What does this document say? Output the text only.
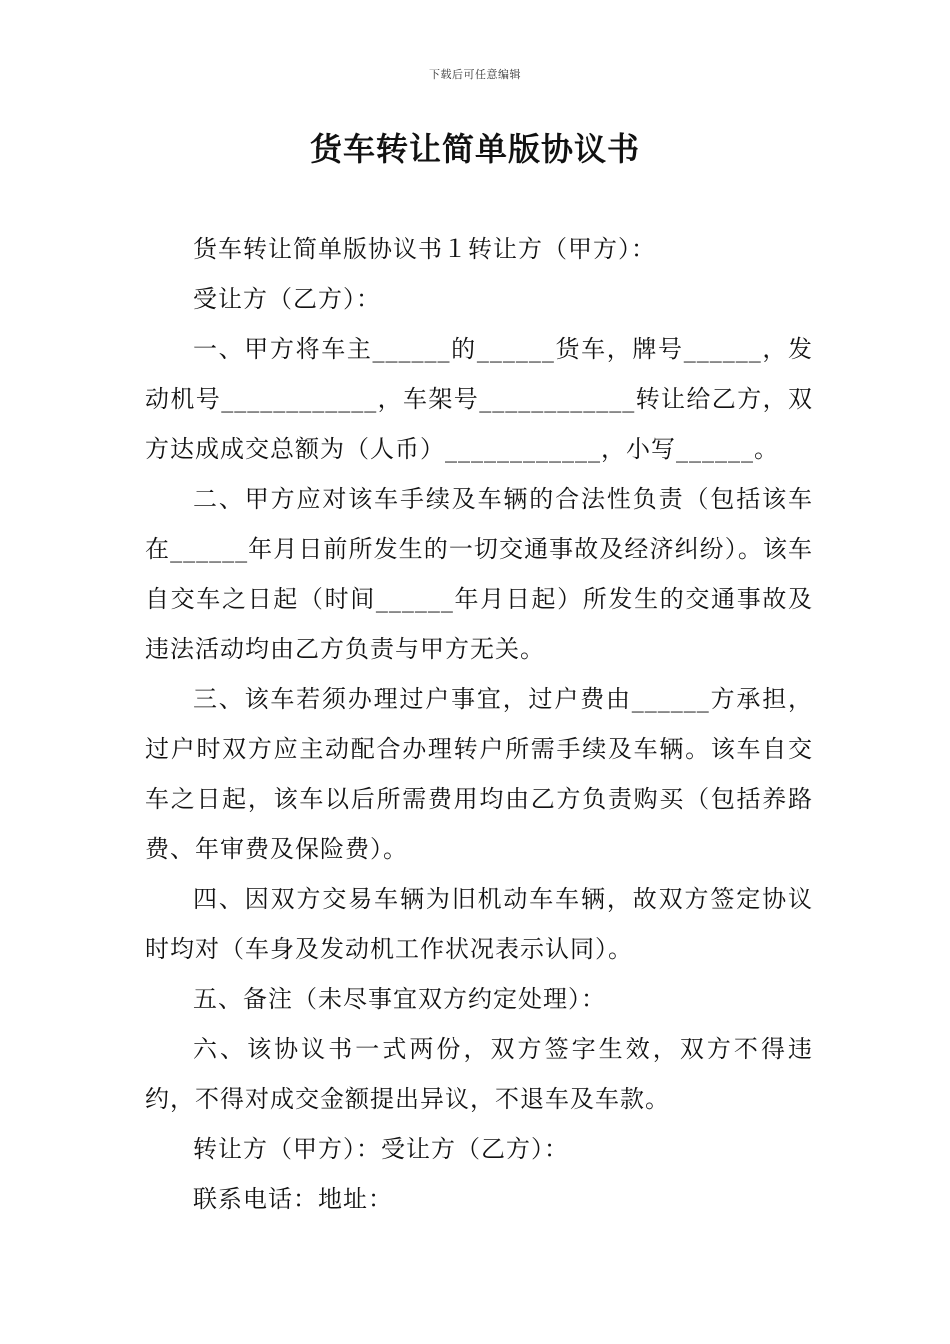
下载后可任意编辑
货车转让简单版协议书

货车转让简单版协议书１转让方（甲方）：

受让方（乙方）：

一、甲方将车主______的______货车，牌号______，发动机号____________，车架号____________转让给乙方，双方达成成交总额为（人币）____________，小写______。

二、甲方应对该车手续及车辆的合法性负责（包括该车在______年月日前所发生的一切交通事故及经济纠纷）。该车自交车之日起（时间______年月日起）所发生的交通事故及违法活动均由乙方负责与甲方无关。

三、该车若须办理过户事宜，过户费由______方承担，过户时双方应主动配合办理转户所需手续及车辆。该车自交车之日起，该车以后所需费用均由乙方负责购买（包括养路费、年审费及保险费）。

四、因双方交易车辆为旧机动车车辆，故双方签定协议时均对（车身及发动机工作状况表示认同）。

五、备注（未尽事宜双方约定处理）：

六、该协议书一式两份，双方签字生效，双方不得违约，不得对成交金额提出异议，不退车及车款。

转让方（甲方）：受让方（乙方）：

联系电话：地址：
